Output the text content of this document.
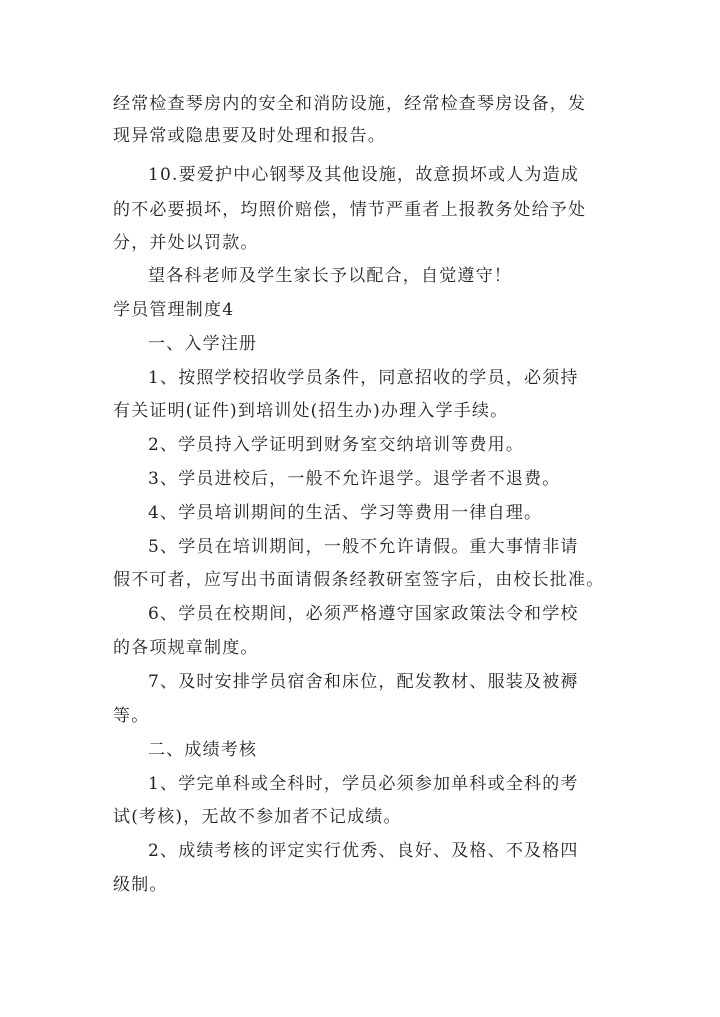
经常检查琴房内的安全和消防设施，经常检查琴房设备，发
现异常或隐患要及时处理和报告。
10.要爱护中心钢琴及其他设施，故意损坏或人为造成
的不必要损坏，均照价赔偿，情节严重者上报教务处给予处
分，并处以罚款。
望各科老师及学生家长予以配合，自觉遵守！
学员管理制度4
一、入学注册
1、按照学校招收学员条件，同意招收的学员，必须持
有关证明(证件)到培训处(招生办)办理入学手续。
2、学员持入学证明到财务室交纳培训等费用。
3、学员进校后，一般不允许退学。退学者不退费。
4、学员培训期间的生活、学习等费用一律自理。
5、学员在培训期间，一般不允许请假。重大事情非请
假不可者，应写出书面请假条经教研室签字后，由校长批准。
6、学员在校期间，必须严格遵守国家政策法令和学校
的各项规章制度。
7、及时安排学员宿舍和床位，配发教材、服装及被褥
等。
二、成绩考核
1、学完单科或全科时，学员必须参加单科或全科的考
试(考核)，无故不参加者不记成绩。
2、成绩考核的评定实行优秀、良好、及格、不及格四
级制。
